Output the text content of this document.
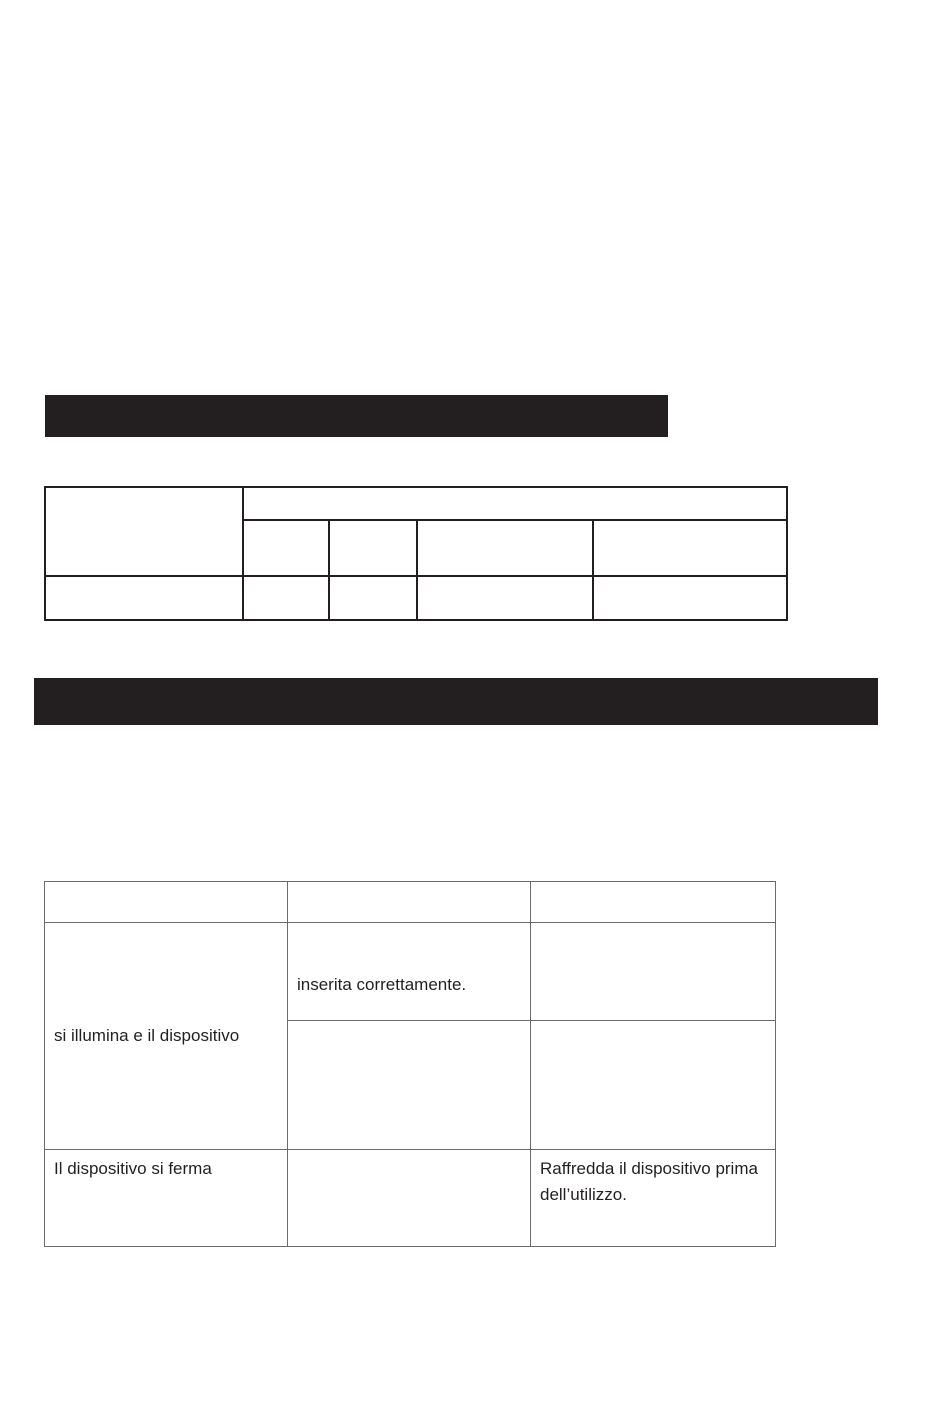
si illumina e il dispositivo	inserita correttamente.	

Il dispositivo si ferma		Raffredda il dispositivo prima dell’utilizzo.
